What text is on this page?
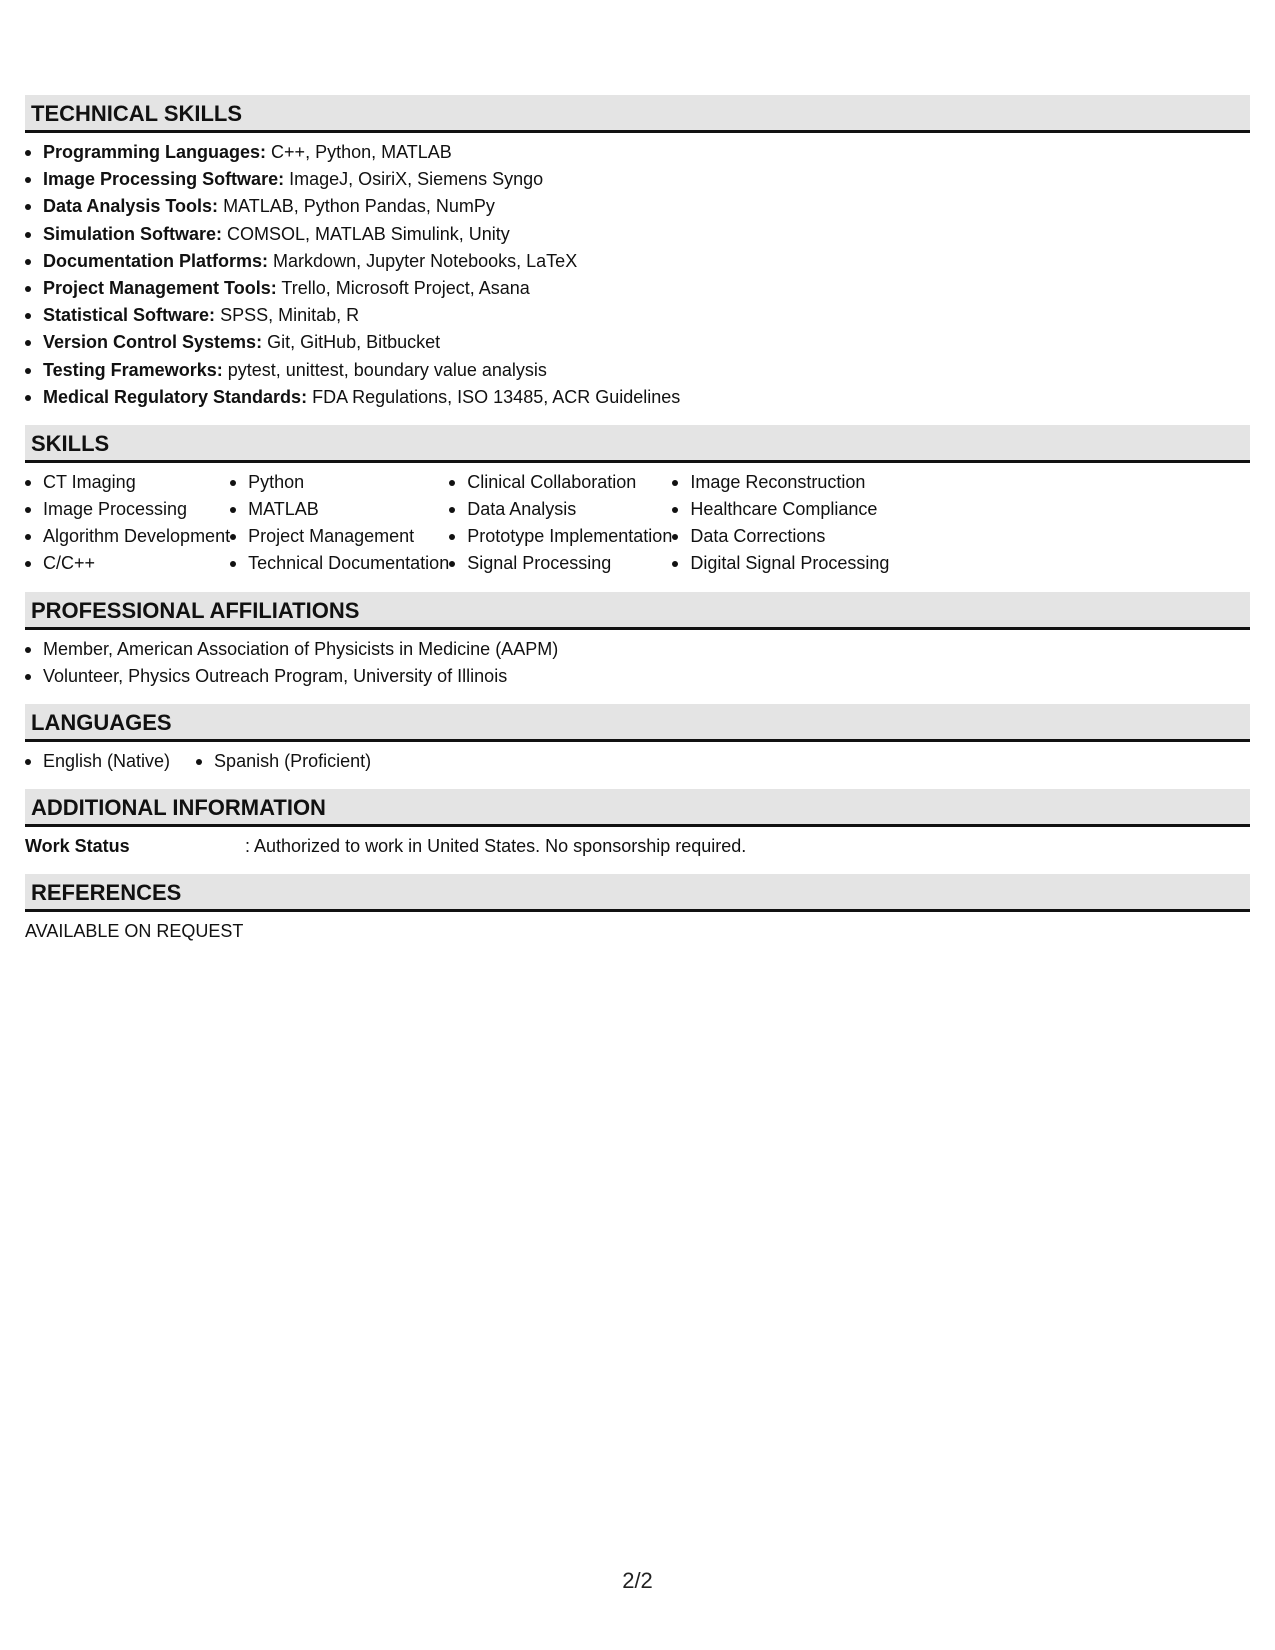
TECHNICAL SKILLS
Programming Languages: C++, Python, MATLAB
Image Processing Software: ImageJ, OsiriX, Siemens Syngo
Data Analysis Tools: MATLAB, Python Pandas, NumPy
Simulation Software: COMSOL, MATLAB Simulink, Unity
Documentation Platforms: Markdown, Jupyter Notebooks, LaTeX
Project Management Tools: Trello, Microsoft Project, Asana
Statistical Software: SPSS, Minitab, R
Version Control Systems: Git, GitHub, Bitbucket
Testing Frameworks: pytest, unittest, boundary value analysis
Medical Regulatory Standards: FDA Regulations, ISO 13485, ACR Guidelines
SKILLS
CT Imaging
Image Processing
Algorithm Development
C/C++
Python
MATLAB
Project Management
Technical Documentation
Clinical Collaboration
Data Analysis
Prototype Implementation
Signal Processing
Image Reconstruction
Healthcare Compliance
Data Corrections
Digital Signal Processing
PROFESSIONAL AFFILIATIONS
Member, American Association of Physicists in Medicine (AAPM)
Volunteer, Physics Outreach Program, University of Illinois
LANGUAGES
English (Native)	Spanish (Proficient)
ADDITIONAL INFORMATION
Work Status	: Authorized to work in United States. No sponsorship required.
REFERENCES
AVAILABLE ON REQUEST
2/2
